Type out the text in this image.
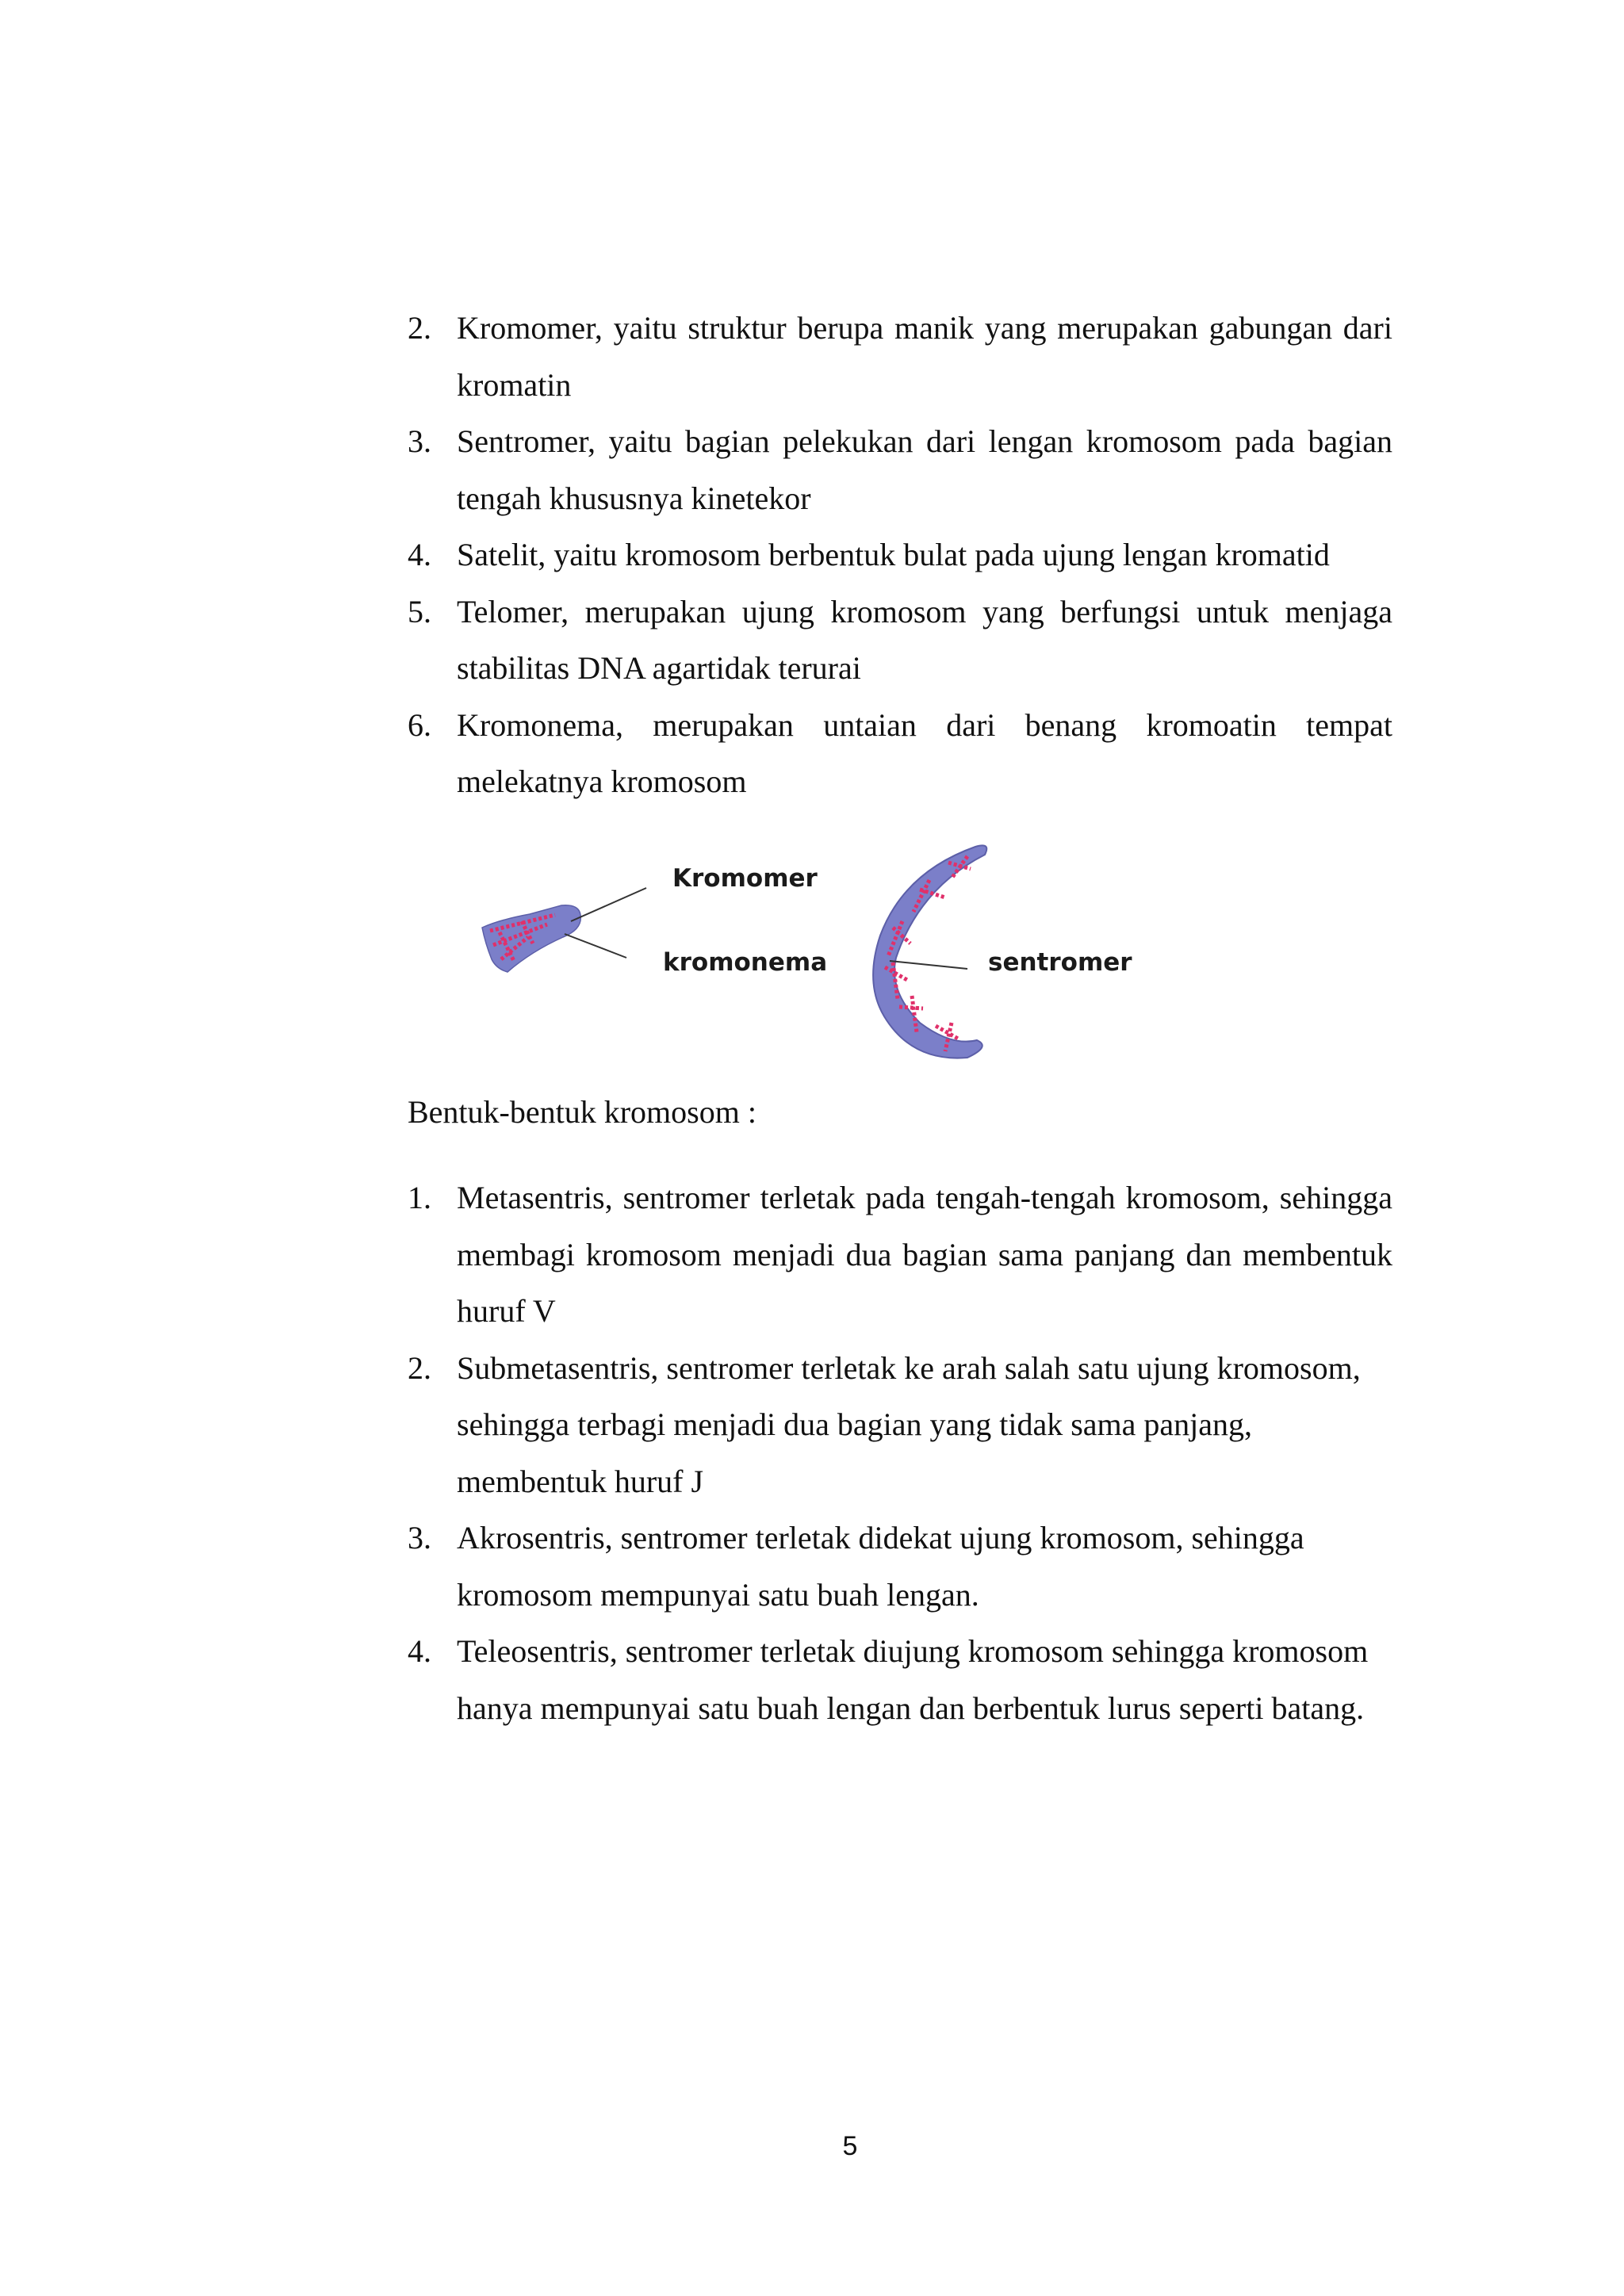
2. Kromomer, yaitu struktur berupa manik yang merupakan gabungan dari kromatin
3. Sentromer, yaitu bagian pelekukan dari lengan kromosom pada bagian tengah khususnya kinetekor
4. Satelit, yaitu kromosom berbentuk bulat pada ujung lengan kromatid
5. Telomer, merupakan ujung kromosom yang berfungsi untuk menjaga stabilitas DNA agartidak terurai
6. Kromonema, merupakan untaian dari benang kromoatin tempat melekatnya kromosom
Kromomer
kromonema	sentromer
Bentuk-bentuk kromosom :
1. Metasentris, sentromer terletak pada tengah-tengah kromosom, sehingga membagi kromosom menjadi dua bagian sama panjang dan membentuk huruf V
2. Submetasentris, sentromer terletak ke arah salah satu ujung kromosom, sehingga terbagi menjadi dua bagian yang tidak sama panjang, membentuk huruf J
3. Akrosentris, sentromer terletak didekat ujung kromosom, sehingga kromosom mempunyai satu buah lengan.
4. Teleosentris, sentromer terletak diujung kromosom sehingga kromosom hanya mempunyai satu buah lengan dan berbentuk lurus seperti batang.
5
